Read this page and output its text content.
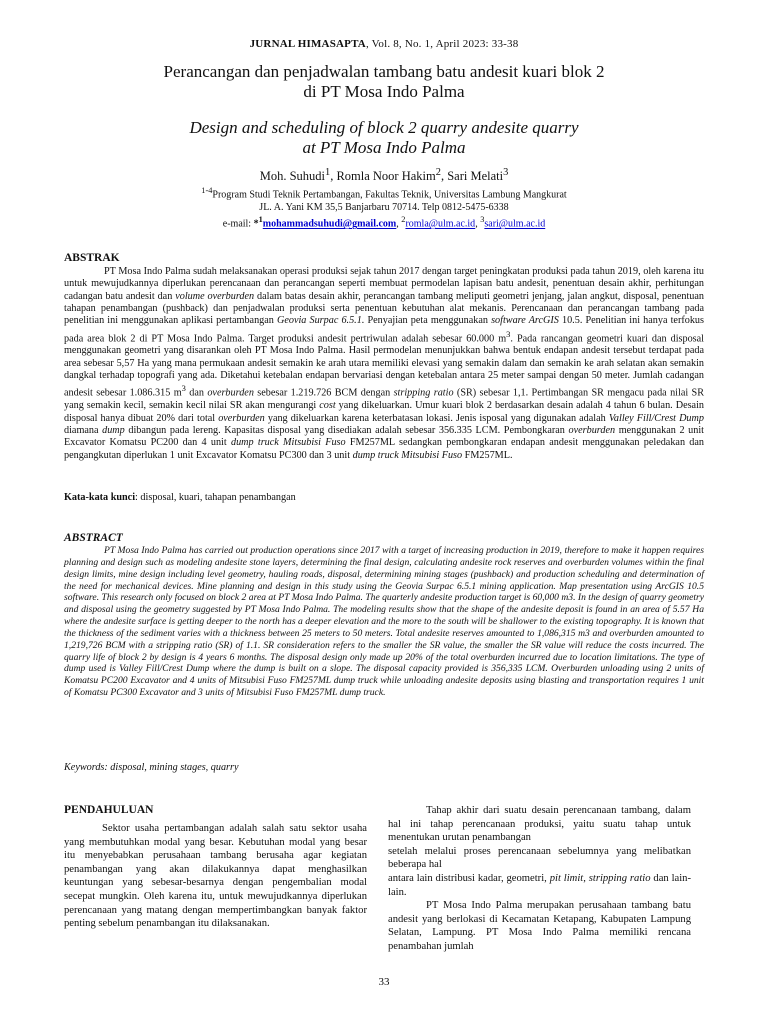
JURNAL HIMASAPTA, Vol. 8, No. 1, April 2023: 33-38
Perancangan dan penjadwalan tambang batu andesit kuari blok 2
di PT Mosa Indo Palma
Design and scheduling of block 2 quarry andesite quarry
at PT Mosa Indo Palma
Moh. Suhudi$^1$, Romla Noor Hakim$^2$, Sari Melati$^3$
$^{1-4}$Program Studi Teknik Pertambangan, Fakultas Teknik, Universitas Lambung Mangkurat
JL. A. Yani KM 35,5 Banjarbaru 70714. Telp 0812-5475-6338
e-mail: *$^1$mohammadsuhudi@gmail.com, $^2$romla@ulm.ac.id, $^3$sari@ulm.ac.id
ABSTRAK

PT Mosa Indo Palma sudah melaksanakan operasi produksi sejak tahun 2017 dengan target peningkatan produksi pada tahun 2019, oleh karena itu untuk mewujudkannya diperlukan perencanaan dan perancangan seperti membuat permodelan lapisan batu andesit, penentuan desain akhir, perhitungan cadangan batu andesit dan volume overburden dalam batas desain akhir, perancangan tambang meliputi geometri jenjang, jalan angkut, disposal, penentuan tahapan penambangan (pushback) dan penjadwalan produksi serta penentuan kebutuhan alat mekanis. Perencanaan dan perancangan tambang pada penelitian ini menggunakan aplikasi pertambangan Geovia Surpac 6.5.1. Penyajian peta menggunakan software ArcGIS 10.5. Penelitian ini hanya terfokus pada area blok 2 di PT Mosa Indo Palma. Target produksi andesit pertriwulan adalah sebesar 60.000 $m^3$. Pada rancangan geometri kuari dan disposal menggunakan geometri yang disarankan oleh PT Mosa Indo Palma. Hasil permodelan menunjukkan bahwa bentuk endapan andesit tersebut terdapat pada area sebesar 5,57 Ha yang mana permukaan andesit semakin ke arah utara memiliki elevasi yang semakin dalam dan semakin ke arah selatan akan semakin dangkal terhadap topografi yang ada. Diketahui ketebalan endapan bervariasi dengan ketebalan antara 25 meter sampai dengan 50 meter. Jumlah cadangan andesit sebesar 1.086.315 $m^3$ dan overburden sebesar 1.219.726 BCM dengan stripping ratio (SR) sebesar 1,1. Pertimbangan SR mengacu pada nilai SR yang semakin kecil, semakin kecil nilai SR akan mengurangi cost yang dikeluarkan. Umur kuari blok 2 berdasarkan desain adalah 4 tahun 6 bulan. Desain disposal hanya dibuat 20% dari total overburden yang dikeluarkan karena keterbatasan lokasi. Jenis isposal yang digunakan adalah Valley Fill/Crest Dump diamana dump dibangun pada lereng. Kapasitas disposal yang disediakan adalah sebesar 356.335 LCM. Pembongkaran overburden menggunakan 2 unit Excavator Komatsu PC200 dan 4 unit dump truck Mitsubisi Fuso FM257ML sedangkan pembongkaran endapan andesit menggunakan peledakan dan pengangkutan diperlukan 1 unit Excavator Komatsu PC300 dan 3 unit dump truck Mitsubisi Fuso FM257ML.

Kata-kata kunci: disposal, kuari, tahapan penambangan
ABSTRACT

PT Mosa Indo Palma has carried out production operations since 2017 with a target of increasing production in 2019, therefore to make it happen requires planning and design such as modeling andesite stone layers, determining the final design, calculating andesite rock reserves and overburden volumes within the final design limits, mine design including level geometry, hauling roads, disposal, determining mining stages (pushback) and production scheduling and determination of the need for mechanical devices. Mine planning and design in this study using the Geovia Surpac 6.5.1 mining application. Map presentation using ArcGIS 10.5 software. This research only focused on block 2 area at PT Mosa Indo Palma. The quarterly andesite production target is 60,000 m3. In the design of quarry geometry and disposal using the geometry suggested by PT Mosa Indo Palma. The modeling results show that the shape of the andesite deposit is found in an area of 5.57 Ha where the andesite surface is getting deeper to the north has a deeper elevation and the more to the south will be shallower to the existing topography. It is known that the thickness of the sediment varies with a thickness between 25 meters to 50 meters. Total andesite reserves amounted to 1,086,315 m3 and overburden amounted to 1,219,726 BCM with a stripping ratio (SR) of 1.1. SR consideration refers to the smaller the SR value, the smaller the SR value will reduce the costs incurred. The quarry life of block 2 by design is 4 years 6 months. The disposal design only made up 20% of the total overburden incurred due to location limitations. The type of dump used is Valley Fill/Crest Dump where the dump is built on a slope. The disposal capacity provided is 356,335 LCM. Overburden unloading using 2 units of Komatsu PC200 Excavator and 4 units of Mitsubisi Fuso FM257ML dump truck while unloading andesite deposits using blasting and transportation requires 1 unit of Komatsu PC300 Excavator and 3 units of Mitsubisi Fuso FM257ML dump truck.

Keywords: disposal, mining stages, quarry
PENDAHULUAN

Sektor usaha pertambangan adalah salah satu sektor usaha yang membutuhkan modal yang besar. Kebutuhan modal yang besar itu menyebabkan perusahaan tambang berusaha agar kegiatan penambangan yang akan dilakukannya dapat menghasilkan keuntungan yang sebesar-besarnya dengan pengembalian modal secepat mungkin. Oleh karena itu, untuk mewujudkannya diperlukan perencanaan yang matang dengan mempertimbangkan banyak faktor penting sebelum penambangan itu dilaksanakan.

Tahap akhir dari suatu desain perencanaan tambang, dalam hal ini tahap perencanaan produksi, yaitu suatu tahap untuk menentukan urutan penambangan

setelah melalui proses perencanaan sebelumnya yang melibatkan beberapa hal

antara lain distribusi kadar, geometri, pit limit, stripping ratio dan lain-lain.

PT Mosa Indo Palma merupakan perusahaan tambang batu andesit yang berlokasi di Kecamatan Ketapang, Kabupaten Lampung Selatan, Lampung. PT Mosa Indo Palma memiliki rencana penambahan jumlah

33
